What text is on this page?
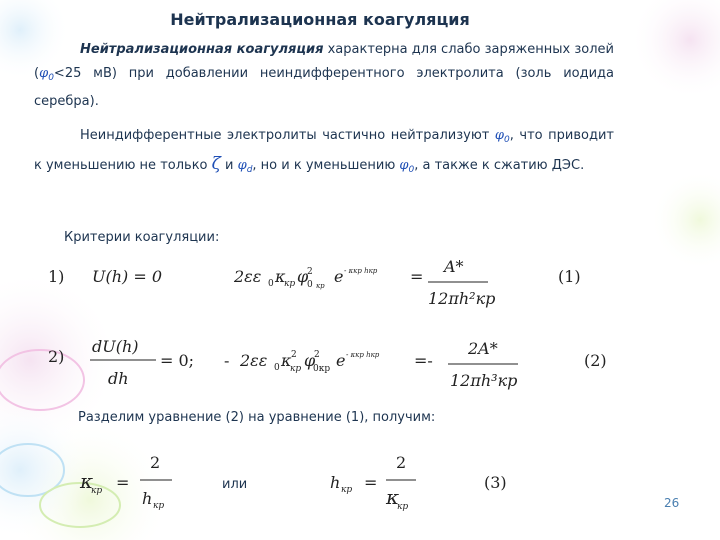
Нейтрализационная коагуляция
Нейтрализационная коагуляция характерна для слабо заряженных золей ($\varphi_0<25$ мВ) при добавлении неиндифферентного электролита (золь иодида серебра).
Неиндифферентные электролиты частично нейтрализуют $\varphi_0$, что приводит к уменьшению не только ζ и $\varphi_d$, но и к уменьшению $\varphi_0$, а также к сжатию ДЭС.
Критерии коагуляции:
1) U(h) = 0	2εε 0 κ
кр φ
2
0 кр e - κкр hкр =
A*
12πh²кр
(1)
2)
dU(h)
dh
= 0; - 2εε 0 κ 2
кр φ
2
0кр e - κкр hкр =-
2A*
12πh³кр
(2)
Разделим уравнение (2) на уравнение (1), получим:
κ
кр =
2
h кр
или	h кр =
2
κ
кр
(3)
26
